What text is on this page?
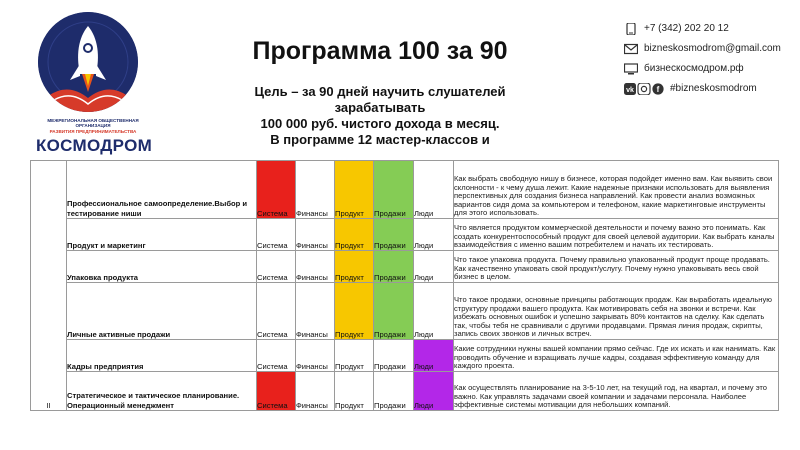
МЕЖРЕГИОНАЛЬНАЯ ОБЩЕСТВЕННАЯ ОРГАНИЗАЦИЯ
РАЗВИТИЯ ПРЕДПРИНИМАТЕЛЬСТВА
КОСМОДРОМ
Программа 100 за 90
Цель – за 90 дней научить слушателей
зарабатывать
100 000 руб. чистого дохода в месяц.
В программе 12 мастер-классов и
+7 (342) 202 20 12
bizneskosmodrom@gmail.com
бизнескосмодром.рф
vk	f #bizneskosmodrom
II	Профессиональное самоопределение.Выбор и тестирование ниши	Система	Финансы	Продукт	Продажи	Люди	Как выбрать свободную нишу в бизнесе, которая подойдет именно вам. Как выявить свои склонности - к чему душа лежит. Какие надежные признаки использовать для выявления перспективных для создания бизнеса направлений. Как провести анализ возможных вариантов сидя дома за компьютером и телефоном, какие маркетинговые инструменты для этого использовать.
	Продукт и маркетинг	Система	Финансы	Продукт	Продажи	Люди	Что является продуктом коммерческой деятельности и почему важно это понимать. Как создать конкурентоспособный продукт для своей целевой аудитории. Как выбрать каналы взаимодействия с именно вашим потребителем и начать их тестировать.
	Упаковка продукта	Система	Финансы	Продукт	Продажи	Люди	Что такое упаковка продукта. Почему правильно упакованный продукт проще продавать. Как качественно упаковать свой продукт/услугу. Почему нужно упаковывать весь свой бизнес в целом.
	Личные активные продажи	Система	Финансы	Продукт	Продажи	Люди	Что такое продажи, основные принципы работающих продаж. Как выработать идеальную структуру продажи вашего продукта. Как мотивировать себя на звонки и встречи. Как избежать основных ошибок и успешно закрывать 80% контактов на сделку. Как сделать так, чтобы тебя не сравнивали с другими продавцами. Прямая линия продаж, скрипты, запись своих звонков и личных встреч.
	Кадры предприятия	Система	Финансы	Продукт	Продажи	Люди	Какие сотрудники нужны вашей компании прямо сейчас. Где их искать и как нанимать. Как проводить обучение и взращивать лучше кадры, создавая эффективную команду для каждого проекта.
	Стратегическое и тактическое планирование. Операционный менеджмент	Система	Финансы	Продукт	Продажи	Люди	Как осуществлять планирование на 3-5-10 лет, на текущий год, на квартал, и почему это важно. Как управлять задачами своей компании и задачами персонала. Наиболее эффективные системы мотивации для небольших компаний.
